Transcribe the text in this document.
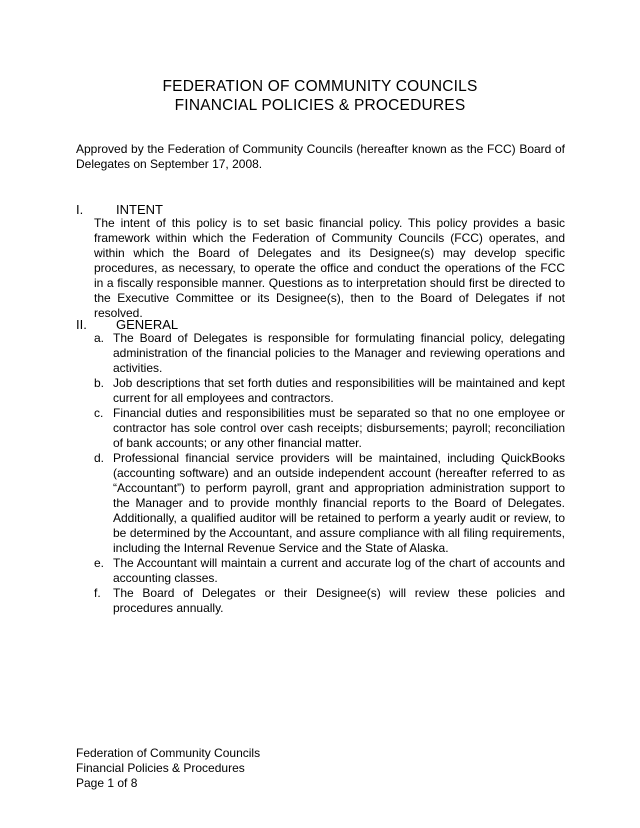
FEDERATION OF COMMUNITY COUNCILS
FINANCIAL POLICIES & PROCEDURES
Approved by the Federation of Community Councils (hereafter known as the FCC) Board of Delegates on September 17, 2008.
I.	INTENT
The intent of this policy is to set basic financial policy. This policy provides a basic framework within which the Federation of Community Councils (FCC) operates, and within which the Board of Delegates and its Designee(s) may develop specific procedures, as necessary, to operate the office and conduct the operations of the FCC in a fiscally responsible manner. Questions as to interpretation should first be directed to the Executive Committee or its Designee(s), then to the Board of Delegates if not resolved.
II. GENERAL
a. The Board of Delegates is responsible for formulating financial policy, delegating administration of the financial policies to the Manager and reviewing operations and activities.
b. Job descriptions that set forth duties and responsibilities will be maintained and kept current for all employees and contractors.
c. Financial duties and responsibilities must be separated so that no one employee or contractor has sole control over cash receipts; disbursements; payroll; reconciliation of bank accounts; or any other financial matter.
d. Professional financial service providers will be maintained, including QuickBooks (accounting software) and an outside independent account (hereafter referred to as “Accountant”) to perform payroll, grant and appropriation administration support to the Manager and to provide monthly financial reports to the Board of Delegates. Additionally, a qualified auditor will be retained to perform a yearly audit or review, to be determined by the Accountant, and assure compliance with all filing requirements, including the Internal Revenue Service and the State of Alaska.
e. The Accountant will maintain a current and accurate log of the chart of accounts and accounting classes.
f.	The Board of Delegates or their Designee(s) will review these policies and procedures annually.
Federation of Community Councils
Financial Policies & Procedures
Page 1 of 8
